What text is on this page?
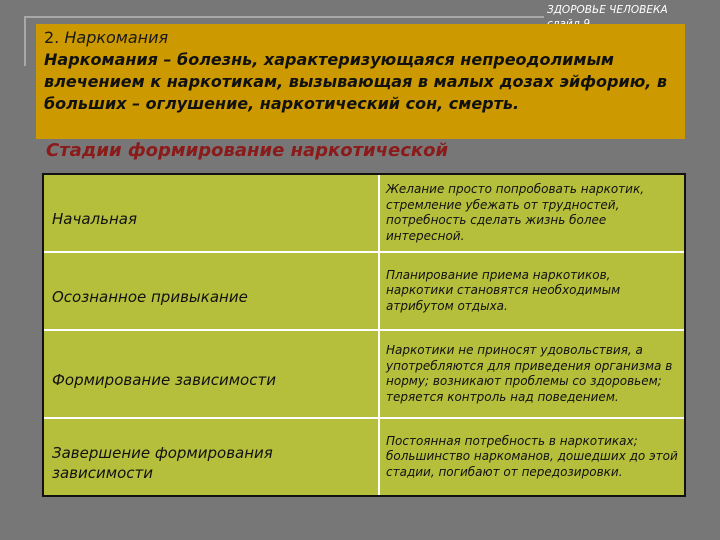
ЗДОРОВЬЕ ЧЕЛОВЕКА
2. Наркомания
Наркомания – болезнь, характеризующаяся непреодолимым влечением к наркотикам, вызывающая в малых дозах эйфорию, в больших – оглушение, наркотический сон, смерть.
Стадии формирование наркотической
Начальная	Желание просто попробовать наркотик, стремление убежать от трудностей, потребность сделать жизнь более интересной.
Осознанное привыкание	Планирование приема наркотиков, наркотики становятся необходимым атрибутом отдыха.
Формирование зависимости	Наркотики не приносят удовольствия, а употребляются для приведения организма в норму; возникают проблемы со здоровьем; теряется контроль над поведением.
Завершение формирования зависимости	Постоянная потребность в наркотиках; большинство наркоманов, дошедших до этой стадии, погибают от передозировки.
